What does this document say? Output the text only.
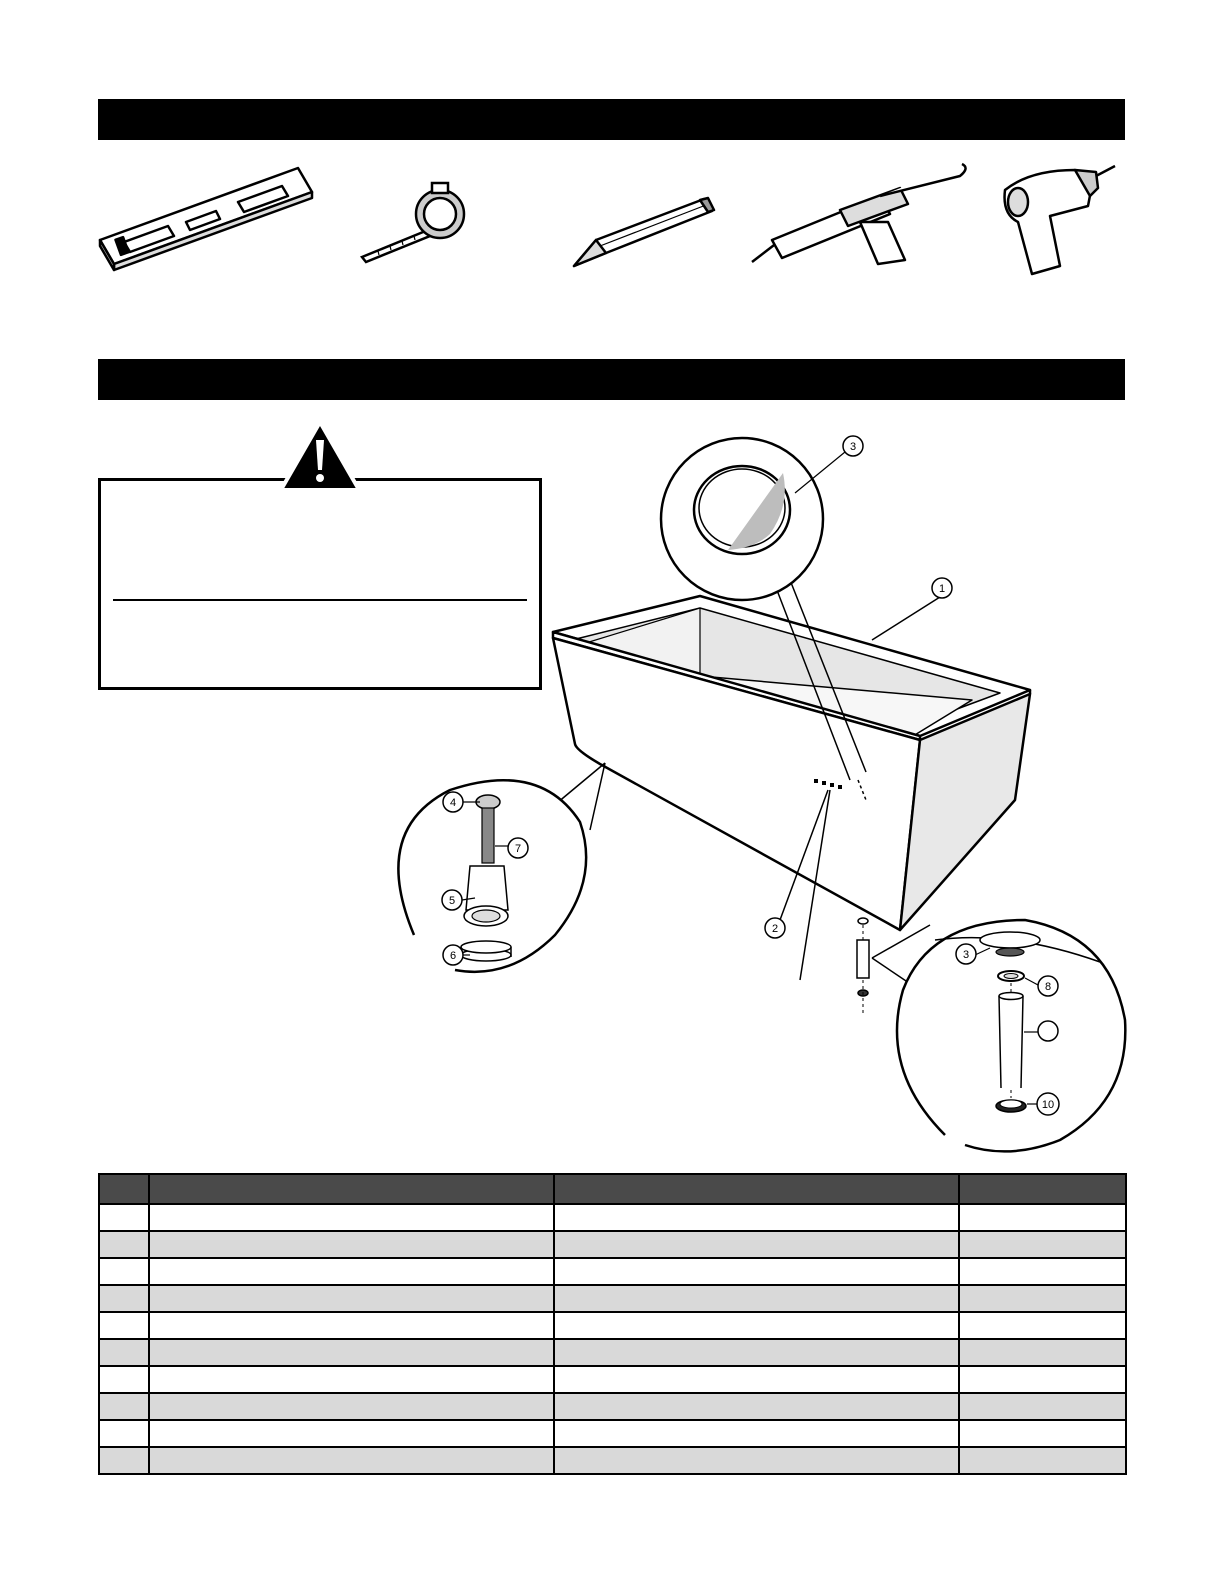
3
1
2
4
7
5
6	3
8
10
